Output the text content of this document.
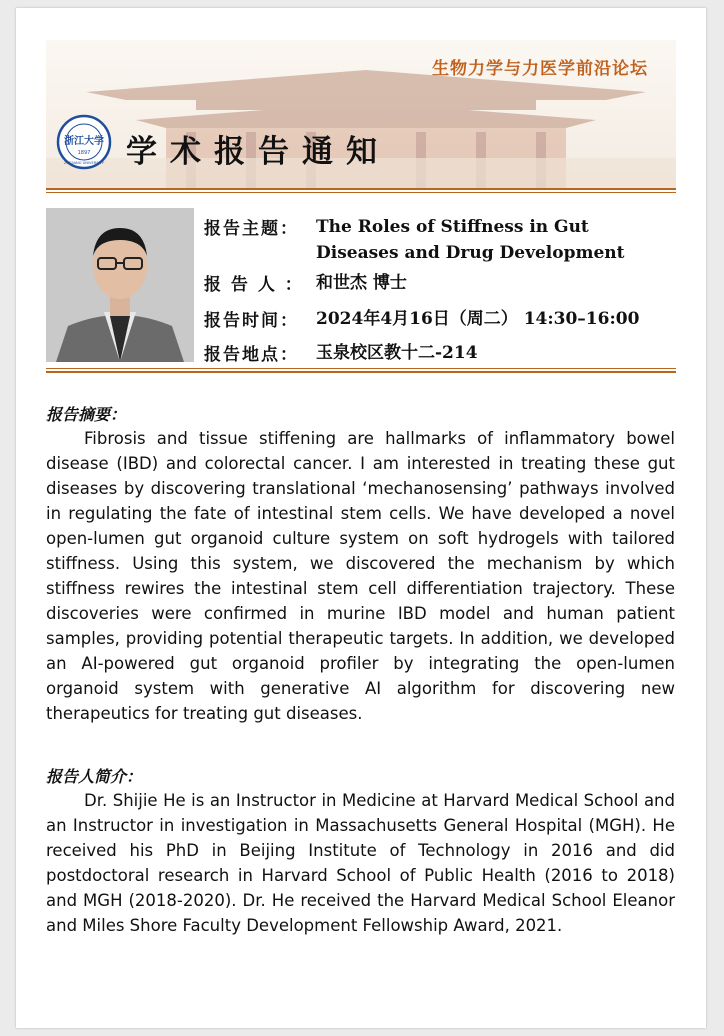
生物力学与力医学前沿论坛
浙江大学
1897
ZHEJIANG UNIVERSITY 学术报告通知
报告主题：	The Roles of Stiffness in Gut Diseases and Drug Development
报 告 人 ： 和世杰 博士
报告时间：	2024年4月16日（周二） 14:30–16:00
报告地点：	玉泉校区教十二-214
报告摘要：
Fibrosis and tissue stiffening are hallmarks of inflammatory bowel disease (IBD) and colorectal cancer. I am interested in treating these gut diseases by discovering translational ‘mechanosensing’ pathways involved in regulating the fate of intestinal stem cells. We have developed a novel open-lumen gut organoid culture system on soft hydrogels with tailored stiffness. Using this system, we discovered the mechanism by which stiffness rewires the intestinal stem cell differentiation trajectory. These discoveries were confirmed in murine IBD model and human patient samples, providing potential therapeutic targets. In addition, we developed an AI-powered gut organoid profiler by integrating the open-lumen organoid system with generative AI algorithm for discovering new therapeutics for treating gut diseases.
报告人简介：
Dr. Shijie He is an Instructor in Medicine at Harvard Medical School and an Instructor in investigation in Massachusetts General Hospital (MGH). He received his PhD in Beijing Institute of Technology in 2016 and did postdoctoral research in Harvard School of Public Health (2016 to 2018) and MGH (2018-2020). Dr. He received the Harvard Medical School Eleanor and Miles Shore Faculty Development Fellowship Award, 2021.
